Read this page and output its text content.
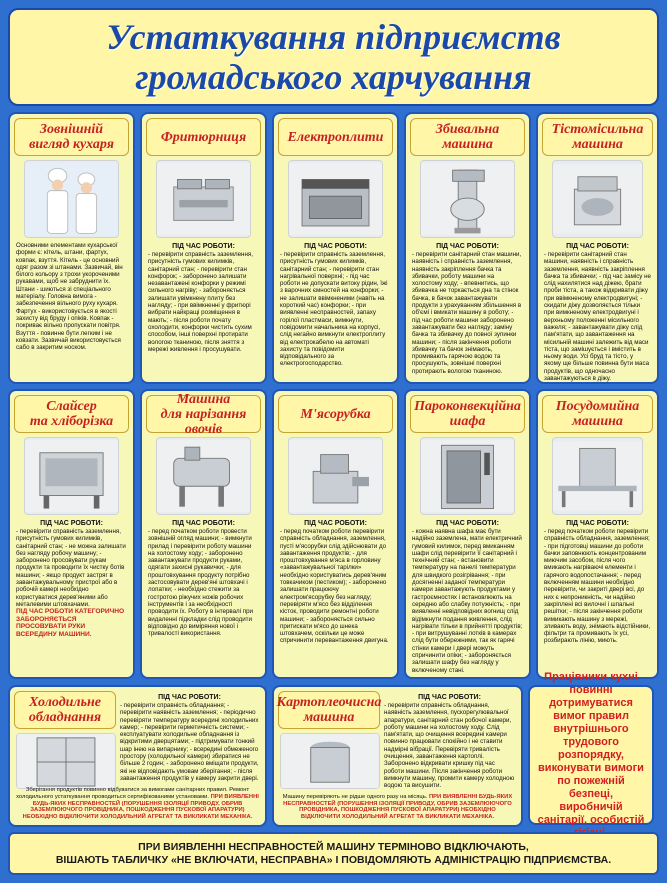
Устаткування підприємств
громадського харчування
Зовнішній
вигляд кухаря
Основними елементами кухарської форми є: кітель, штани, фартух, ковпак, взуття. Кітель - це основний одяг разом зі штанами. Зазвичай, він білого кольору з трохи укороченими рукавами, щоб не забруднити їх. Штани - шиються зі спеціального матеріалу. Головна вимога - забезпечення вільного руху кухаря. Фартух - використовується в якості захисту від бруду і опіків. Ковпак - покриває вільно пропускати повітря. Взуття - повинне бути легким і не ковзати. Зазвичай використовується сабо в закритим носком.
Фритюрниця
ПІД ЧАС РОБОТИ:
- перевірити справність заземлення, присутність гумових килимків, санітарний стан; - перевірити стан конфорок; - заборонено залишати незавантажені конфорки у режимі сильного нагріву; - забороняється залишати увімкнену плиту без нагляду; - при ввімкненні у фритюрі вибрати найкращі розміщення в мають; - після роботи почату охолодити, конфорки чистить сухим способом, інші поверхні протирати вологою тканиною, після зняття з мережі живлення і просушувати.
Електроплити
ПІД ЧАС РОБОТИ:
- перевірити справність заземлення, присутність гумових килимків, санітарний стан; - перевірити стан нагрівальної поверхні; - під час роботи не допускати витоку рідин, їжі з варочних ємностей на конфорки; - не залишати ввімкненими (навіть на короткий час) конфорки; - при виявленні несправностей, запаху горілої пластмаси, вимкнути, повідомити начальника на корпусі, слід негайно вимкнути електроплиту від електрокабелю на автоматі захисту та повідомити відповідального за електрогосподарство.
Збивальна
машина
ПІД ЧАС РОБОТИ:
- перевірити санітарний стан машини, наявність і справність заземлення, наявність закріплення бачка та збивачки, роботу машини на холостому ходу; - впевнитись, що збивачка не торкається дна та стінок бачка, в бачок завантажувати продукти з урахуванням збільшення в об'ємі і вмикати машину в роботу; - під час роботи машини заборонено завантажувати без нагляду; заміну бачка та збивачку до повної зупинки машини; - після закінчення роботи збивачку та бачок знімають, промивають гарячою водою та просушують, зовнішні поверхні протирають вологою тканиною.
Тістомісильна
машина
ПІД ЧАС РОБОТИ:
- перевірити санітарний стан машини, наявність і справність заземлення, наявність закріплення бачка та збивачки; - під час замісу не слід нахилятися над діжею, брати проби тіста, а також відкривати діжу при ввімкненому електродвигуні; - скидати діжу дозволяється тільки при вимкненому електродвигуні і верхньому положенні місильного важеля; - завантажувати діжу слід пам'ятати, що завантаження на місильній машині залежить від маси тіста, що замішується і вмістить в ньому води. Усі бруд та тісто, у якому ще більше повинна бути маса продуктів, що одночасно завантажуються в діжу.
Слайсер
та хліборізка
ПІД ЧАС РОБОТИ:
- перевірити справність заземлення, присутність гумових килимків, санітарний стан; - не можна залишати без нагляду робочу машину; - заборонено просовувати рукам продукти та проводити їх чистку ботів машини; - якщо продукт застряг в завантажувальному пристрої або в робочій камері необхідно користуватися дерев'яними або металевими штовхачами.
ПІД ЧАС РОБОТИ КАТЕГОРИЧНО ЗАБОРОНЯЄТЬСЯ ПРОСОВУВАТИ РУКИ ВСЕРЕДИНУ МАШИНИ.
Машина
для нарізання овочів
ПІД ЧАС РОБОТИ:
- перед початком роботи провести зовнішній огляд машини; - вимкнути прилад і перевірити роботу машини на холостому ходу; - заборонено завантажувати продукти руками, одягати захисні рукавички; - для проштовхування продукту потрібно застосовувати дерев'яні штовхачі і лопатки; - необхідно стежити за гостротою ріжучих ножів робочих інструментів і за необхідності проводити їх. Роботу в інтервалі при видаленні підкладки слід проводити відповідно до виміряння нової і тривалості використання.
М'ясорубка
ПІД ЧАС РОБОТИ:
- перед початком роботи перевірити справність обладнання, заземлення, пусті м'ясорубки слід здійснювати до завантаження продуктів; - для проштовхування м'яса в горловину «завантажувальної тарілки» необхідно користуватись дерев'яним товкачиком (пестиком); - заборонено залишати працюючу електром'ясорубку без нагляду; перевіряти м'ясо без відділення кісток, проводити ремонтні роботи машини; - забороняється сильно притискати м'ясо до шнека штовхачем, оскільки це може спричинити перевантаження двигуна.
Пароконвекційна
шафа
ПІД ЧАС РОБОТИ:
- кожна наявна шафа має бути надійно заземлена, мати електричний гумовий килимок, перед вмиканням шафи слід перевірити її санітарний і технічний стан; - встановити температуру на панелі температури для швидкого розігрівання; - при досягненні заданої температури камери завантажують продуктами у гастроємностях і встановлюють на середню або слабку потужність; - при виявленні невідповідних вогнищ слід відімкнути подання живлення, слід нагрівати тільки в прийнятті продуктів; - при витрушуванні лотків в камерах слід бути обережними, так як гарячі стінки камери і двері можуть спричинити опіки; - забороняється залишати шафу без нагляду у включеному стані.
Посудомийна
машина
ПІД ЧАС РОБОТИ:
- перед початком роботи перевірити справність обладнання, заземлення; - при підготовці машини до роботи бачки заповнюють концентрованим миючим засобом, після чого вмикають нагріваючі елементи і гарячого водопостачання; - перед включенням машини необхідно перевірити, чи закриті двері всі, до них є непроникність, чи надійно закріплені всі вилочні і шпальні решітки; - після закінчення роботи вимикають машину з мережі, зливають воду, знімають відстійники, фільтри та промивають їх усі, розбирають лінію, миють.
Холодильне
обладнання
ПІД ЧАС РОБОТИ:
- перевірити справність обладнання; - перевірити наявність заземлення; - періодично перевіряти температуру всередині холодильних камер; - перевірити герметичність системи; - експлуатувати холодильне обладнання із відкритими дверцятами; - підтримувати тонкий шар інею на випарнику; - всередині обмеженого простору (холодильної камери) збиратися не більше 2 годин; - заборонено вміщати продукти, які не відповідають умовам зберігання; - після завантаження продуктів у камеру закрити двері.
Зберігання продуктів повинно відбуватися за вимогами санітарних правил. Ремонт холодильного устаткування проводиться сертифікованими установами. ПРИ ВИЯВЛЕННІ БУДЬ-ЯКИХ НЕСПРАВНОСТЕЙ (ПОРУШЕННЯ ІЗОЛЯЦІЇ ПРИВОДУ, ОБРИВ ЗАЗЕМЛЮЮЧОГО ПРОВІДНИКА, ПОШКОДЖЕННЯ ПУСКОВОЇ АПАРАТУРИ) НЕОБХІДНО ВІДКЛЮЧИТИ ХОЛОДИЛЬНИЙ АГРЕГАТ ТА ВИКЛИКАТИ МЕХАНІКА.
Картоплеочисна
машина
ПІД ЧАС РОБОТИ:
- перевірити справність обладнання, наявність заземлення, пускорегулювальної апаратури, санітарний стан робочої камери, роботу машини на холостому ходу. Слід пам'ятати, що очищення всередині камери повинно працювати спокійно і не ставити надмірні вібрації. Перевіряти тривалість очищення, завантаження картоплі. Заборонено відкривати кришку під час роботи машини. Після закінчення роботи вимкнути машину, промити камеру холодною водою та висушити.
Машину перевіряють не рідше одного разу на місяць. ПРИ ВИЯВЛЕННІ БУДЬ-ЯКИХ НЕСПРАВНОСТЕЙ (ПОРУШЕННЯ ІЗОЛЯЦІЇ ПРИВОДУ, ОБРИВ ЗАЗЕМЛЮЮЧОГО ПРОВІДНИКА, ПОШКОДЖЕННЯ ПУСКОВОЇ АПАРАТУРИ) НЕОБХІДНО ВІДКЛЮЧИТИ ХОЛОДИЛЬНИЙ АГРЕГАТ ТА ВИКЛИКАТИ МЕХАНІКА.
Працівники кухні повинні дотримуватися вимог правил внутрішнього трудового розпорядку, виконувати вимоги по пожежній безпеці, виробничій санітарії, особистій
ПРИ ВИЯВЛЕННІ НЕСПРАВНОСТЕЙ МАШИНУ ТЕРМІНОВО ВІДКЛЮЧАЮТЬ,
ВІШАЮТЬ ТАБЛИЧКУ «НЕ ВКЛЮЧАТИ, НЕСПРАВНА» І ПОВІДОМЛЯЮТЬ АДМІНІСТРАЦІЮ ПІДПРИЄМСТВА.
